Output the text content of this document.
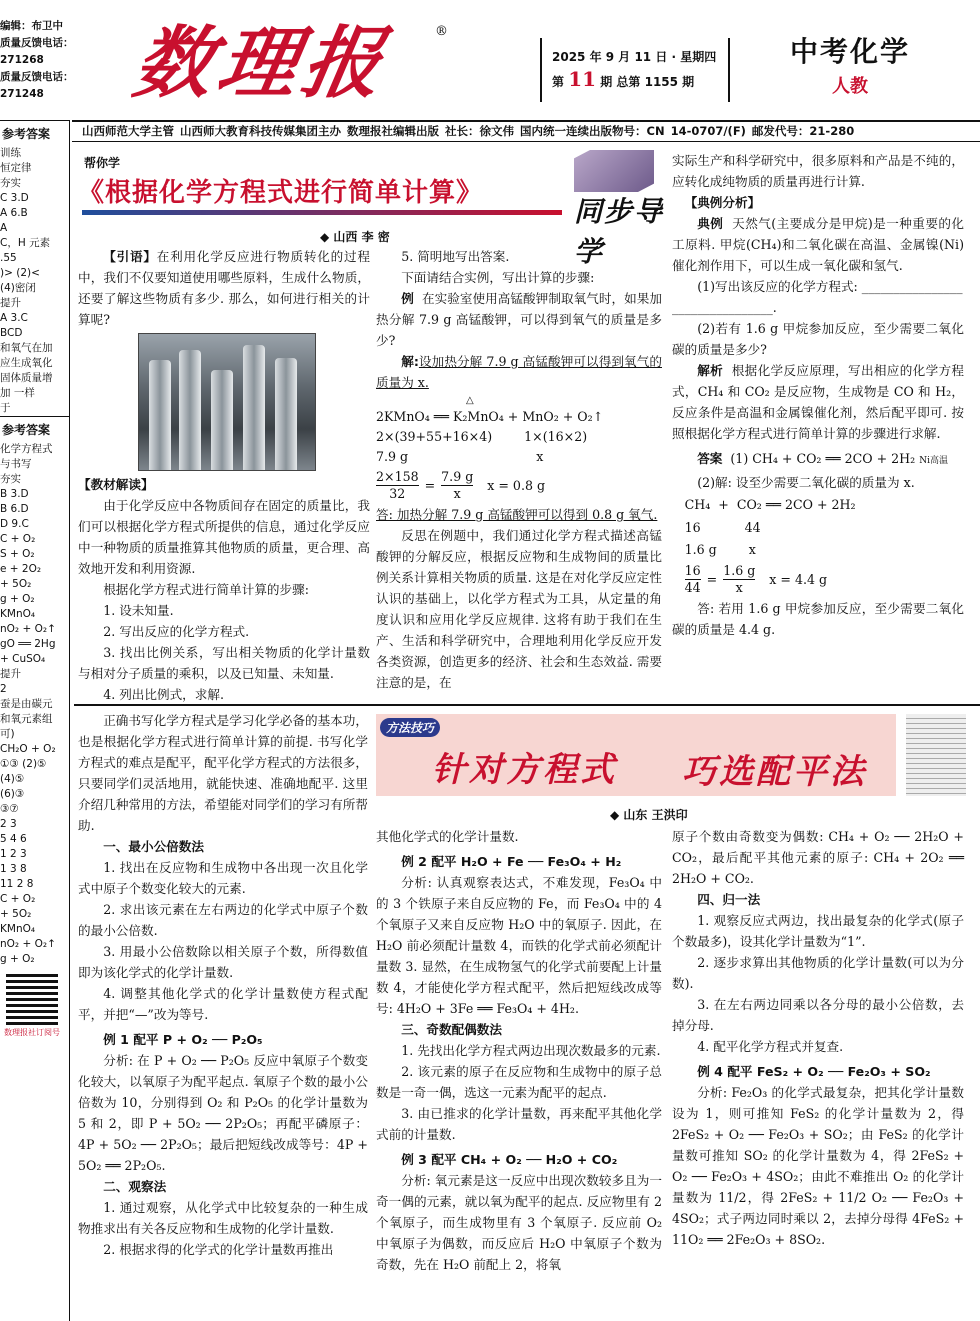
编辑：布卫中
质量反馈电话：
271268
质量反馈电话：
271248 数理报	®
2025 年 9 月 11 日 · 星期四
第 11 期 总第 1155 期
中考化学
人教
山西师范大学主管 山西师大教育科技传媒集团主办 数理报社编辑出版 社长：徐文伟 国内统一连续出版物号：CN 14-0707/(F) 邮发代号：21-280
参考答案
训练
恒定律
夯实
C 3.D
A 6.B
A
C，H 元素
.55
)> (2)<
(4)密闭
提升
A 3.C
BCD
和氧气在加
应生成氧化
固体质量增
加 一样
于
参考答案
化学方程式
与书写
夯实
B 3.D
B 6.D
D 9.C
C + O₂
S + O₂
e + 2O₂
+ 5O₂
g + O₂
KMnO₄
nO₂ + O₂↑
gO ══ 2Hg
+ CuSO₄
提升
2
蚕是由碳元
和氧元素组
可)
CH₂O + O₂
①③ (2)⑤
(4)⑤
(6)③
③⑦
2 3
5 4 6
1 2 3
1 3 8
11 2 8
C + O₂
+ 5O₂
KMnO₄
nO₂ + O₂↑
g + O₂
数理报社订阅号
帮你学
《根据化学方程式进行简单计算》
同步导学
◆ 山西 李 密

【引语】在利用化学反应进行物质转化的过程中，我们不仅要知道使用哪些原料，生成什么物质，还要了解这些物质有多少. 那么，如何进行相关的计算呢?

【教材解读】

由于化学反应中各物质间存在固定的质量比，我们可以根据化学方程式所提供的信息，通过化学反应中一种物质的质量推算其他物质的质量，更合理、高效地开发和利用资源.

根据化学方程式进行简单计算的步骤:

1. 设未知量.

2. 写出反应的化学方程式.

3. 找出比例关系，写出相关物质的化学计量数与相对分子质量的乘积，以及已知量、未知量.

4. 列出比例式，求解.

5. 简明地写出答案.

下面请结合实例，写出计算的步骤:

例 在实验室使用高锰酸钾制取氧气时，如果加热分解 7.9 g 高锰酸钾，可以得到氧气的质量是多少?

解:设加热分解 7.9 g 高锰酸钾可以得到氧气的质量为 x.

△

2KMnO₄ ══ K₂MnO₄ + MnO₂ + O₂↑

2×(39+55+16×4)        1×(16×2)

7.9 g                                x

$\frac{2\times 158}{32} = \frac{7.9 g}{x}$ x = 0.8 g

答: 加热分解 7.9 g 高锰酸钾可以得到 0.8 g 氧气.

反思在例题中，我们通过化学方程式描述高锰酸钾的分解反应，根据反应物和生成物间的质量比例关系计算相关物质的质量. 这是在对化学反应定性认识的基础上，以化学方程式为工具，从定量的角度认识和应用化学反应规律. 这将有助于我们在生产、生活和科学研究中，合理地利用化学反应开发各类资源，创造更多的经济、社会和生态效益. 需要注意的是，在

实际生产和科学研究中，很多原料和产品是不纯的，应转化成纯物质的质量再进行计算.

【典例分析】

典例 天然气(主要成分是甲烷)是一种重要的化工原料. 甲烷(CH₄)和二氧化碳在高温、金属镍(Ni)催化剂作用下，可以生成一氧化碳和氢气.

(1)写出该反应的化学方程式: ________________

________________.

(2)若有 1.6 g 甲烷参加反应，至少需要二氧化碳的质量是多少?

解析 根据化学反应原理，写出相应的化学方程式，CH₄ 和 CO₂ 是反应物，生成物是 CO 和 H₂，反应条件是高温和金属镍催化剂，然后配平即可. 按照根据化学方程式进行简单计算的步骤进行求解.

答案 (1) CH₄ + CO₂ ══ 2CO + 2H₂ Ni高温

(2)解: 设至少需要二氧化碳的质量为 x.

CH₄  +  CO₂ ══ 2CO + 2H₂

16           44

1.6 g        x

$\frac{16}{44} = \frac{1.6 g}{x}$ x = 4.4 g

答: 若用 1.6 g 甲烷参加反应，至少需要二氧化碳的质量是 4.4 g.

正确书写化学方程式是学习化学必备的基本功，也是根据化学方程式进行简单计算的前提. 书写化学方程式的难点是配平，配平化学方程式的方法很多，只要同学们灵活地用，就能快速、准确地配平. 这里介绍几种常用的方法，希望能对同学们的学习有所帮助.

一、最小公倍数法

1. 找出在反应物和生成物中各出现一次且化学式中原子个数变化较大的元素.

2. 求出该元素在左右两边的化学式中原子个数的最小公倍数.

3. 用最小公倍数除以相关原子个数，所得数值即为该化学式的化学计量数.

4. 调整其他化学式的化学计量数使方程式配平，并把“—”改为等号.

例 1 配平 P + O₂ ── P₂O₅

分析: 在 P + O₂ ── P₂O₅ 反应中氧原子个数变化较大，以氧原子为配平起点. 氧原子个数的最小公倍数为 10，分别得到 O₂ 和 P₂O₅ 的化学计量数为 5 和 2，即 P + 5O₂ ── 2P₂O₅；再配平磷原子：4P + 5O₂ ── 2P₂O₅；最后把短线改成等号：4P + 5O₂ ══ 2P₂O₅.

二、观察法

1. 通过观察，从化学式中比较复杂的一种生成物推求出有关各反应物和生成物的化学计量数.

2. 根据求得的化学式的化学计量数再推出

方法技巧
针对方程式 巧选配平法
◆ 山东 王洪印

其他化学式的化学计量数.

例 2 配平 H₂O + Fe ── Fe₃O₄ + H₂

分析: 认真观察表达式，不难发现，Fe₃O₄ 中的 3 个铁原子来自反应物的 Fe，而 Fe₃O₄ 中的 4 个氧原子又来自反应物 H₂O 中的氧原子. 因此，在 H₂O 前必须配计量数 4，而铁的化学式前必须配计量数 3. 显然，在生成物氢气的化学式前要配上计量数 4，才能使化学方程式配平，然后把短线改成等号: 4H₂O + 3Fe ══ Fe₃O₄ + 4H₂.

三、奇数配偶数法

1. 先找出化学方程式两边出现次数最多的元素.

2. 该元素的原子在反应物和生成物中的原子总数是一奇一偶，选这一元素为配平的起点.

3. 由已推求的化学计量数，再来配平其他化学式前的计量数.

例 3 配平 CH₄ + O₂ ── H₂O + CO₂

分析: 氧元素是这一反应中出现次数较多且为一奇一偶的元素，就以氧为配平的起点. 反应物里有 2 个氧原子，而生成物里有 3 个氧原子. 反应前 O₂ 中氧原子为偶数，而反应后 H₂O 中氧原子个数为奇数，先在 H₂O 前配上 2，将氧

原子个数由奇数变为偶数: CH₄ + O₂ ── 2H₂O + CO₂，最后配平其他元素的原子: CH₄ + 2O₂ ══ 2H₂O + CO₂.

四、归一法

1. 观察反应式两边，找出最复杂的化学式(原子个数最多)，设其化学计量数为“1”.

2. 逐步求算出其他物质的化学计量数(可以为分数).

3. 在左右两边同乘以各分母的最小公倍数，去掉分母.

4. 配平化学方程式并复查.

例 4 配平 FeS₂ + O₂ ── Fe₂O₃ + SO₂

分析: Fe₂O₃ 的化学式最复杂，把其化学计量数设为 1，则可推知 FeS₂ 的化学计量数为 2，得 2FeS₂ + O₂ ── Fe₂O₃ + SO₂；由 FeS₂ 的化学计量数可推知 SO₂ 的化学计量数为 4，得 2FeS₂ + O₂ ── Fe₂O₃ + 4SO₂；由此不难推出 O₂ 的化学计量数为 11/2，得 2FeS₂ + 11/2 O₂ ── Fe₂O₃ + 4SO₂；式子两边同时乘以 2，去掉分母得 4FeS₂ + 11O₂ ══ 2Fe₂O₃ + 8SO₂.
